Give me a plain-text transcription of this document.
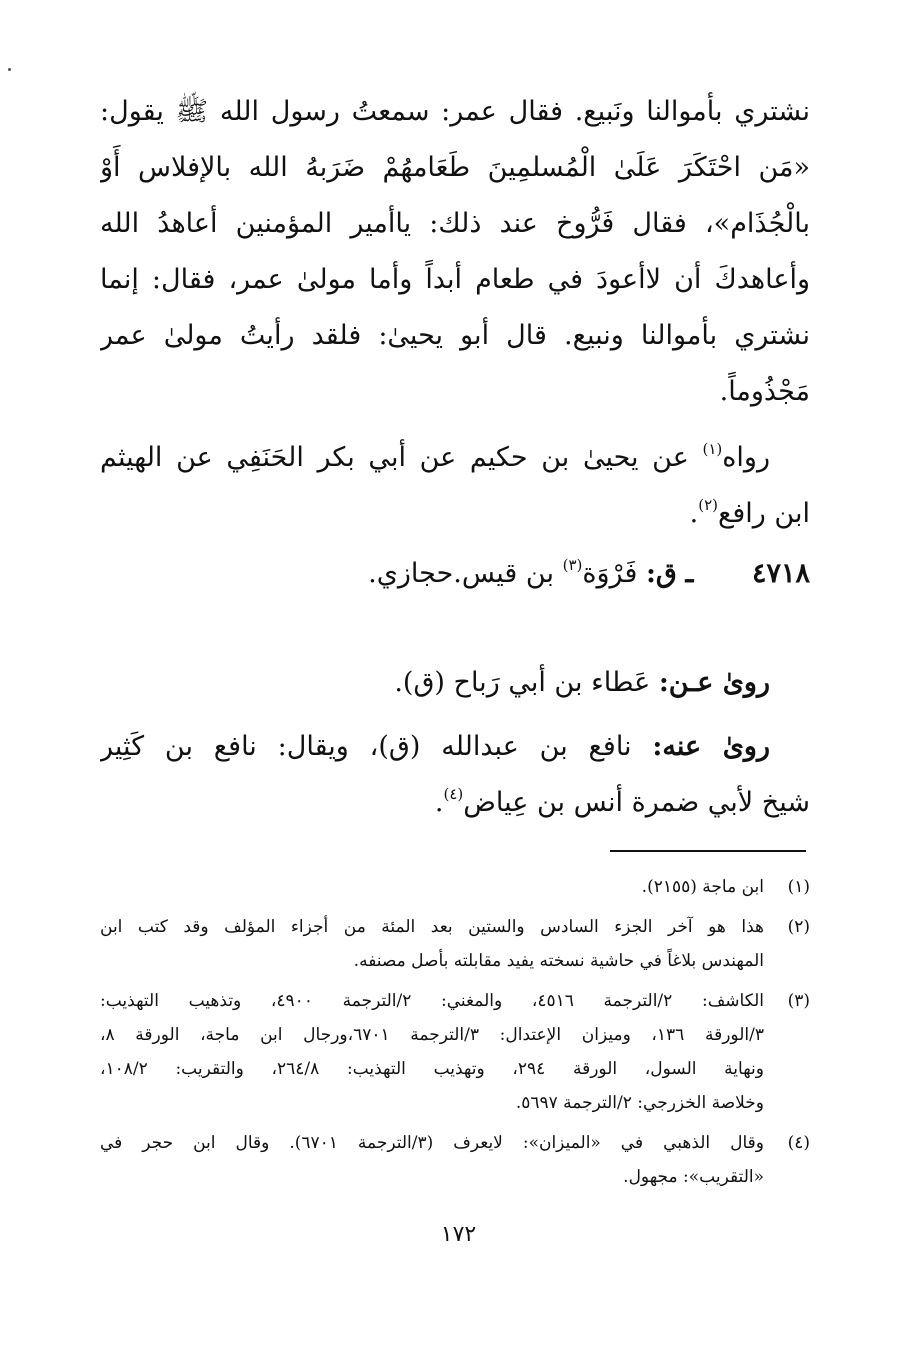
نشتري بأموالنا ونَبيع. فقال عمر: سمعتُ رسول الله ﷺ يقول:
«مَن احْتَكَرَ عَلَىٰ الْمُسلمِينَ طَعَامهُمْ ضَرَبهُ الله بالإفلاس أَوْ
بالْجُذَام»، فقال فَرُّوخ عند ذلك: ياأمير المؤمنين أعاهدُ الله
وأعاهدكَ أن لاأعودَ في طعام أبداً وأما مولىٰ عمر، فقال: إنما
نشتري بأموالنا ونبيع. قال أبو يحيىٰ: فلقد رأيتُ مولىٰ عمر
مَجْذُوماً.
رواه$^{(١)}$ عن يحيىٰ بن حكيم عن أبي بكر الحَنَفِي عن الهيثم
ابن رافع$^{(٢)}$.
٤٧١٨ ـ ق: فَرْوَة$^{(٣)}$ بن قيس.حجازي.
روىٰ عـن: عَطاء بن أبي رَباح (ق).
روىٰ عنه: نافع بن عبدالله (ق)، ويقال: نافع بن كَثِير
شيخ لأبي ضمرة أنس بن عِياض$^{(٤)}$.
(١)
ابن ماجة (٢١٥٥).
(٢)
هذا هو آخر الجزء السادس والستين بعد المئة من أجزاء المؤلف وقد كتب ابن
المهندس بلاغاً في حاشية نسخته يفيد مقابلته بأصل مصنفه.
(٣)
الكاشف: ٢/الترجمة ٤٥١٦، والمغني: ٢/الترجمة ٤٩٠٠، وتذهيب التهذيب:
٣/الورقة ١٣٦، وميزان الإعتدال: ٣/الترجمة ٦٧٠١،ورجال ابن ماجة، الورقة ٨،
ونهاية السول، الورقة ٢٩٤، وتهذيب التهذيب: ٢٦٤/٨، والتقريب: ١٠٨/٢،
وخلاصة الخزرجي: ٢/الترجمة ٥٦٩٧.
(٤)
وقال الذهبي في «الميزان»: لايعرف (٣/الترجمة ٦٧٠١). وقال ابن حجر في
«التقريب»: مجهول.
١٧٢
